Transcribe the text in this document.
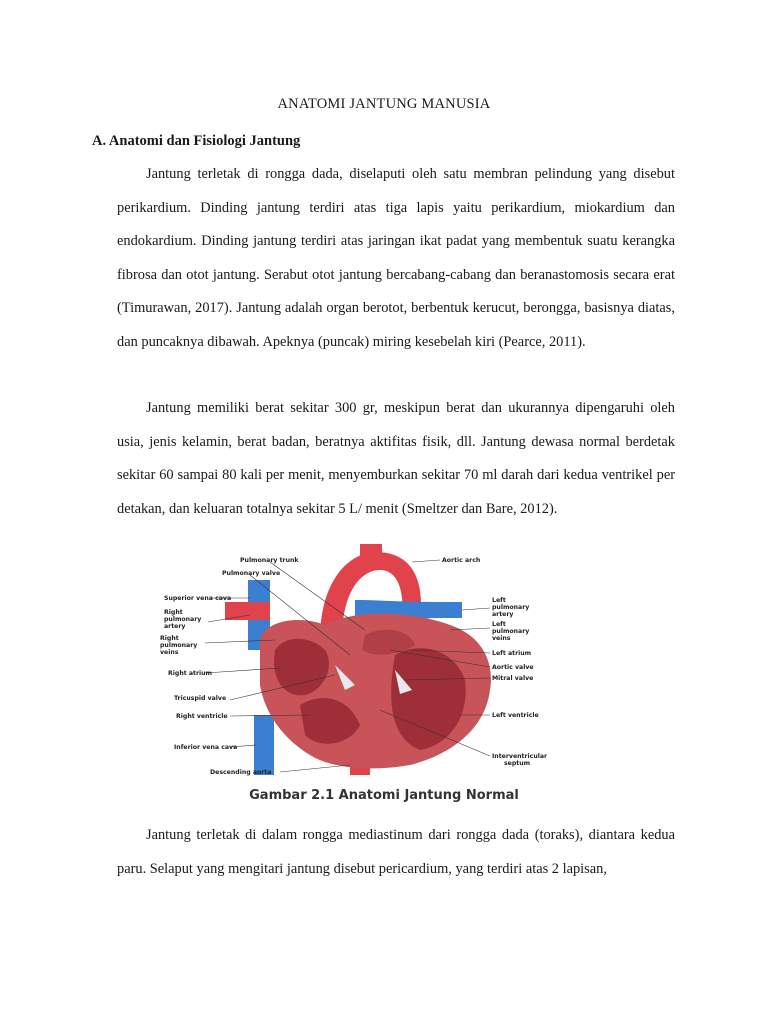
ANATOMI JANTUNG MANUSIA
A. Anatomi dan Fisiologi Jantung

Jantung terletak di rongga dada, diselaputi oleh satu membran pelindung yang disebut perikardium. Dinding jantung terdiri atas tiga lapis yaitu perikardium, miokardium dan endokardium. Dinding jantung terdiri atas jaringan ikat padat yang membentuk suatu kerangka fibrosa dan otot jantung. Serabut otot jantung bercabang-cabang dan beranastomosis secara erat (Timurawan, 2017). Jantung adalah organ berotot, berbentuk kerucut, berongga, basisnya diatas, dan puncaknya dibawah. Apeknya (puncak) miring kesebelah kiri (Pearce, 2011).

Jantung memiliki berat sekitar 300 gr, meskipun berat dan ukurannya dipengaruhi oleh usia, jenis kelamin, berat badan, beratnya aktifitas fisik, dll. Jantung dewasa normal berdetak sekitar 60 sampai 80 kali per menit, menyemburkan sekitar 70 ml darah dari kedua ventrikel per detakan, dan keluaran totalnya sekitar 5 L/ menit (Smeltzer dan Bare, 2012).

Pulmonary trunk
Pulmonary valve
Superior vena cava
Right
pulmonary
artery
Right
pulmonary
veins
Right atrium
Tricuspid valve
Right ventricle
Inferior vena cava
Descending aorta
Aortic arch
Left
pulmonary
artery
Left
pulmonary
veins
Left atrium
Aortic valve
Mitral valve
Left ventricle
Interventricular
septum
Gambar 2.1 Anatomi Jantung Normal

Jantung terletak di dalam rongga mediastinum dari rongga dada (toraks), diantara kedua paru. Selaput yang mengitari jantung disebut pericardium, yang terdiri atas 2 lapisan,
